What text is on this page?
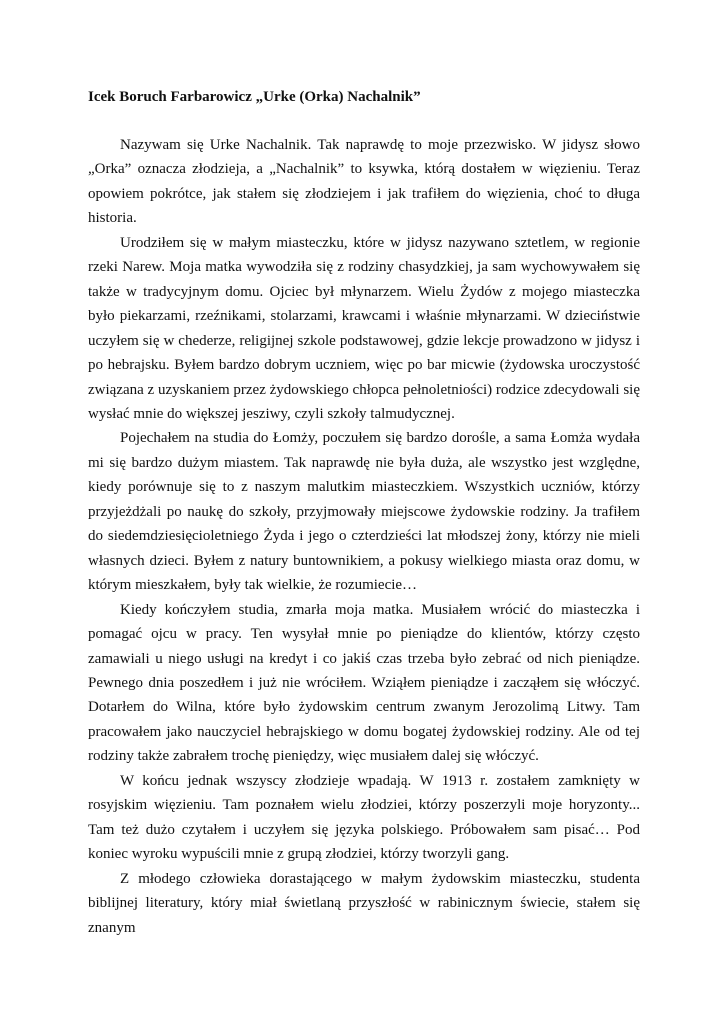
Icek Boruch Farbarowicz „Urke (Orka) Nachalnik”

Nazywam się Urke Nachalnik. Tak naprawdę to moje przezwisko. W jidysz słowo „Orka” oznacza złodzieja, a „Nachalnik” to ksywka, którą dostałem w więzieniu. Teraz opowiem pokrótce, jak stałem się złodziejem i jak trafiłem do więzienia, choć to długa historia.

Urodziłem się w małym miasteczku, które w jidysz nazywano sztetlem, w regionie rzeki Narew. Moja matka wywodziła się z rodziny chasydzkiej, ja sam wychowywałem się także w tradycyjnym domu. Ojciec był młynarzem. Wielu Żydów z mojego miasteczka było piekarzami, rzeźnikami, stolarzami, krawcami i właśnie młynarzami. W dzieciństwie uczyłem się w chederze, religijnej szkole podstawowej, gdzie lekcje prowadzono w jidysz i po hebrajsku. Byłem bardzo dobrym uczniem, więc po bar micwie (żydowska uroczystość związana z uzyskaniem przez żydowskiego chłopca pełnoletniości) rodzice zdecydowali się wysłać mnie do większej jesziwy, czyli szkoły talmudycznej.

Pojechałem na studia do Łomży, poczułem się bardzo dorośle, a sama Łomża wydała mi się bardzo dużym miastem. Tak naprawdę nie była duża, ale wszystko jest względne, kiedy porównuje się to z naszym malutkim miasteczkiem. Wszystkich uczniów, którzy przyjeżdżali po naukę do szkoły, przyjmowały miejscowe żydowskie rodziny. Ja trafiłem do siedemdziesięcioletniego Żyda i jego o czterdzieści lat młodszej żony, którzy nie mieli własnych dzieci. Byłem z natury buntownikiem, a pokusy wielkiego miasta oraz domu, w którym mieszkałem, były tak wielkie, że rozumiecie…

Kiedy kończyłem studia, zmarła moja matka. Musiałem wrócić do miasteczka i pomagać ojcu w pracy. Ten wysyłał mnie po pieniądze do klientów, którzy często zamawiali u niego usługi na kredyt i co jakiś czas trzeba było zebrać od nich pieniądze. Pewnego dnia poszedłem i już nie wróciłem. Wziąłem pieniądze i zacząłem się włóczyć. Dotarłem do Wilna, które było żydowskim centrum zwanym Jerozolimą Litwy. Tam pracowałem jako nauczyciel hebrajskiego w domu bogatej żydowskiej rodziny. Ale od tej rodziny także zabrałem trochę pieniędzy, więc musiałem dalej się włóczyć.

W końcu jednak wszyscy złodzieje wpadają. W 1913 r. zostałem zamknięty w rosyjskim więzieniu. Tam poznałem wielu złodziei, którzy poszerzyli moje horyzonty... Tam też dużo czytałem i uczyłem się języka polskiego. Próbowałem sam pisać… Pod koniec wyroku wypuścili mnie z grupą złodziei, którzy tworzyli gang.

Z młodego człowieka dorastającego w małym żydowskim miasteczku, studenta biblijnej literatury, który miał świetlaną przyszłość w rabinicznym świecie, stałem się znanym
